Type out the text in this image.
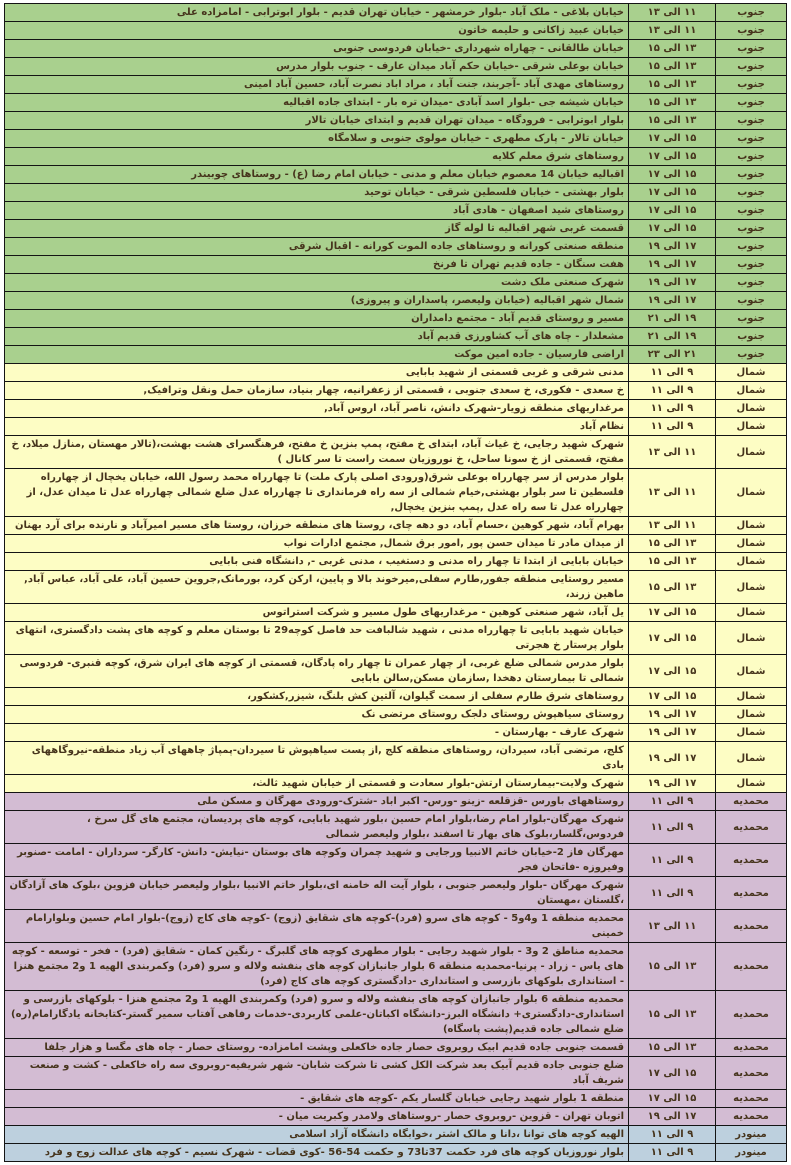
جنوب	۱۱ الی ۱۳	خیابان بلاغی - ملک آباد -بلوار خرمشهر - خیابان تهران قدیم - بلوار ابوترابی - امامزاده علی
جنوب	۱۱ الی ۱۳	خیابان عبید زاکانی و حلیمه خاتون
جنوب	۱۳ الی ۱۵	خیابان طالقانی - چهاراه شهرداری -خیابان فردوسی جنوبی
جنوب	۱۳ الی ۱۵	خیابان بوعلی شرقی -خیابان حکم آباد میدان عارف - جنوب بلوار مدرس
جنوب	۱۳ الی ۱۵	روستاهای مهدی آباد -آجربند، جنت آباد ، مراد اباد نصرت آباد، حسین آباد امینی
جنوب	۱۳ الی ۱۵	خیابان شیشه جی -بلوار اسد آبادی -میدان تره بار - ابتدای جاده اقبالیه
جنوب	۱۳ الی ۱۵	بلوار ابوترابی - فرودگاه - میدان تهران قدیم و ابتدای خیابان تالار
جنوب	۱۵ الی ۱۷	خیابان تالار - پارک مطهری - خیابان مولوی جنوبی و سلامگاه
جنوب	۱۵ الی ۱۷	روستاهای شرق معلم کلایه
جنوب	۱۵ الی ۱۷	اقبالیه خیابان 14 معصوم خیابان معلم و مدنی - خیابان امام رضا (ع) - روستاهای چوبیندر
جنوب	۱۵ الی ۱۷	بلوار بهشتی - خیابان فلسطین شرقی - خیابان توحید
جنوب	۱۵ الی ۱۷	روستاهای شید اصفهان - هادی آباد
جنوب	۱۵ الی ۱۷	قسمت غربی شهر اقبالیه تا لوله گاز
جنوب	۱۷ الی ۱۹	منطقه صنعتی کورانه و روستاهای جاده الموت کورانه - اقبال شرقی
جنوب	۱۷ الی ۱۹	هفت سنگان - جاده قدیم تهران تا فرنخ
جنوب	۱۷ الی ۱۹	شهرک صنعتی ملک دشت
جنوب	۱۷ الی ۱۹	شمال شهر اقبالیه (خیابان ولیعصر، پاسداران و پیروزی)
جنوب	۱۹ الی ۲۱	مسیر و روستای قدیم آباد - مجتمع دامداران
جنوب	۱۹ الی ۲۱	مشعلدار - چاه های آب کشاورزی قدیم آباد
جنوب	۲۱ الی ۲۳	اراضی فارسیان - جاده امین موکت
شمال	۹ الی ۱۱	مدنی شرقی و غربی قسمتی از شهید بابایی
شمال	۹ الی ۱۱	خ سعدی - فکوری، خ سعدی جنوبی ، قسمتی از زعفرانیه، چهار بنیاد، سازمان حمل ونقل وترافیک,
شمال	۹ الی ۱۱	مرغداریهای منطقه زویار-شهرک دانش، ناصر آباد، اروس آباد,
شمال	۹ الی ۱۱	نظام آباد
شمال	۱۱ الی ۱۳	شهرک شهید رجایی، خ غیاث آباد، ابتدای خ مفتح، پمپ بنزین خ مفتح، فرهنگسرای هشت بهشت،(تالار مهستان ,منازل میلاد، خ مفتح، قسمتی از خ سونا ساحل، خ نوروزیان سمت راست تا سر کانال )
شمال	۱۱ الی ۱۳	بلوار مدرس از سر چهارراه بوعلی شرق(ورودی اصلی پارک ملت) تا چهارراه محمد رسول الله، خیابان یخچال از چهارراه فلسطین تا سر بلوار بهشتی,خیام شمالی از سه راه فرمانداری تا چهارراه عدل ضلع شمالی چهارراه عدل تا میدان عدل، از چهارراه عدل تا سه راه عدل ,پمپ بنزین یخچال,
شمال	۱۱ الی ۱۳	بهرام آباد، شهر کوهین ،حسام آباد، دو دهه چای، روستا های منطقه خرزان، روستا های مسیر امیرآباد و نارنده برای آرد بهنان
شمال	۱۳ الی ۱۵	از میدان مادر تا میدان حسن پور ,امور برق شمال, مجتمع ادارات نواب
شمال	۱۳ الی ۱۵	خیابان بابایی از ابتدا تا چهار راه مدنی و دستغیب ، مدنی غربی -, دانشگاه فنی بابایی
شمال	۱۳ الی ۱۵	مسیر روستایی منطقه جفور,طارم سفلی,میرخوند بالا و پایین، ارکن کرد، بورمانک,جروین حسین آباد، علی آباد، عباس آباد, ماهین زرند،
شمال	۱۵ الی ۱۷	یل آباد، شهر صنعتی کوهین - مرغداریهای طول مسیر و شرکت استراتوس
شمال	۱۵ الی ۱۷	خیابان شهید بابایی تا چهارراه مدنی ، شهید شالبافت حد فاصل کوچه29 تا بوستان معلم و کوچه های پشت دادگستری، انتهای بلوار پرستار خ هجرتی
شمال	۱۵ الی ۱۷	بلوار مدرس شمالی ضلع غربی، از چهار عمران تا چهار راه پادگان، قسمتی از کوچه های ایران شرق، کوچه قنبری- فردوسی شمالی تا بیمارستان دهخدا ,سازمان مسکن,سالن بابایی
شمال	۱۵ الی ۱۷	روستاهای شرق طارم سفلی از سمت گیلوان، آلتین کش بلنگ، شیزر,کشکور،
شمال	۱۷ الی ۱۹	روستای سیاهپوش روستای دلجک روستای مرتضی نک
شمال	۱۷ الی ۱۹	شهرک عارف - بهارستان -
شمال	۱۷ الی ۱۹	کلج، مرتضی آباد، سیردان، روستاهای منطقه کلج ,از پست سیاهپوش تا سیردان-پمپاژ چاههای آب زیاد منطقه-نیروگاههای بادی
شمال	۱۷ الی ۱۹	شهرک ولایت-بیمارستان ارتش-بلوار سعادت و قسمتی از خیابان شهید ثالث،
محمدیه	۹ الی ۱۱	روستاههای باورس -قزقلعه -زینو -ورس- اکبر اباد -شترک-ورودی مهرگان و مسکن ملی
محمدیه	۹ الی ۱۱	شهرک مهرگان-بلوار امام رضا،بلوار امام حسین ،بلور شهید بابایی، کوچه های پردیسان، مجتمع های گل سرخ ، فردوس،گلسار،بلوک های بهار تا اسفند ،بلوار ولیعصر شمالی
محمدیه	۹ الی ۱۱	مهرگان فاز 2-خیابان خاتم الانبیا ورجایی و شهید چمران وکوچه های بوستان -نیایش- دانش- کارگر- سرداران - امامت -صنوبر وفیروزه -فاتحان فجر
محمدیه	۹ الی ۱۱	شهرک مهرگان -بلوار ولیعصر جنوبی ، بلوار آیت اله خامنه ای،بلوار خاتم الانبیا ،بلوار ولیعصر خیابان فزوین ،بلوک های آزادگان ،گلستان ،مهستان
محمدیه	۱۱ الی ۱۳	محمدیه منطقه 1 و4و5 - کوچه های سرو (فرد)-کوچه های شقایق (زوج) -کوچه های کاج (زوج)-بلوار امام حسین وبلوارامام خمینی
محمدیه	۱۳ الی ۱۵	محمدیه مناطق 2 و3 - بلوار شهید رجایی - بلوار مطهری کوچه های گلبرگ - رنگین کمان - شقایق (فرد) - فخر - توسعه - کوچه های یاس - زراد - پرنیا-محمدیه منطقه 6 بلوار جانبازان کوچه های بنفشه ولاله و سرو (فرد) وکمربندی الهیه 1 و2 مجتمع هنزا - استانداری بلوکهای بازرسی و استانداری -دادگستری کوچه های کاج (فرد)
محمدیه	۱۳ الی ۱۵	محمدیه منطقه 6 بلوار جانبازان کوچه های بنفشه ولاله و سرو (فرد) وکمربندی الهیه 1 و2 مجتمع هنزا - بلوکهای بازرسی و استانداری-دادگستری+ دانشگاه البرز-دانشگاه اکباتان-علمی کاربردی-خدمات رفاهی آفتاب سمیر گستر-کتابخانه یادگارامام(ره) ضلع شمالی جاده قدیم(پشت پاسگاه)
محمدیه	۱۳ الی ۱۵	قسمت جنوبی جاده قدیم ابیک روبروی حصار جاده خاکعلی وپشت امامزاده- روستای حصار - چاه های مگسا و هزار جلفا
محمدیه	۱۵ الی ۱۷	ضلع جنوبی جاده قدیم آبیک بعد شرکت الکل کشی تا شرکت شابان- شهر شریفیه-روبروی سه راه خاکعلی - کشت و صنعت شریف آباد
محمدیه	۱۵ الی ۱۷	منطقه 1 بلوار شهید رجایی خیابان گلسار یکم -کوچه های شقایق -
محمدیه	۱۷ الی ۱۹	اتوبان تهران - قزوین -روبروی حصار -روستاهای ولامدر وکبریت میان -
مینودر	۹ الی ۱۱	الهیه کوچه های توانا ،دانا و مالک اشتر ،خوابگاه دانشگاه آزاد اسلامی
مینودر	۹ الی ۱۱	بلوار نوروزیان کوچه های فرد حکمت 37تا73 و حکمت 54-56 -کوی قضات - شهرک نسیم - کوچه های عدالت زوج و فرد
